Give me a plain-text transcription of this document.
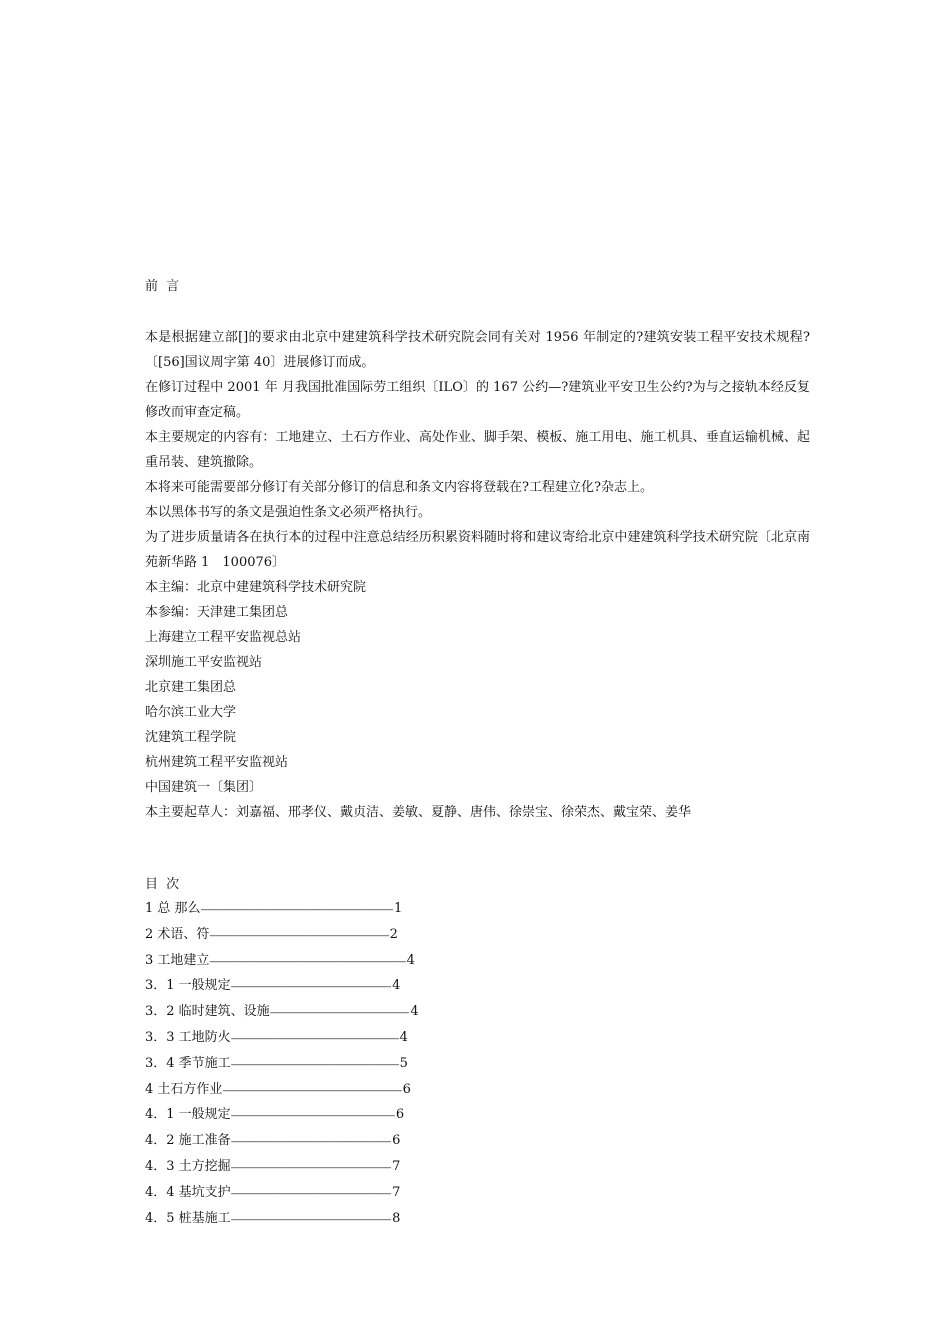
前 言

本是根据建立部[]的要求由北京中建建筑科学技术研究院会同有关对 1956 年制定的?建筑安装工程平安技术规程?〔[56]国议周字第 40〕进展修订而成。

在修订过程中 2001 年 月我国批准国际劳工组织〔ILO〕的 167 公约—?建筑业平安卫生公约?为与之接轨本经反复修改而审查定稿。

本主要规定的内容有：工地建立、土石方作业、高处作业、脚手架、模板、施工用电、施工机具、垂直运输机械、起重吊装、建筑撤除。

本将来可能需要部分修订有关部分修订的信息和条文内容将登载在?工程建立化?杂志上。

本以黑体书写的条文是强迫性条文必须严格执行。

为了进步质量请各在执行本的过程中注意总结经历积累资料随时将和建议寄给北京中建建筑科学技术研究院〔北京南苑新华路 1　100076〕

本主编：北京中建建筑科学技术研究院

本参编：天津建工集团总

上海建立工程平安监视总站

深圳施工平安监视站

北京建工集团总

哈尔滨工业大学

沈建筑工程学院

杭州建筑工程平安监视站

中国建筑一〔集团〕

本主要起草人：刘嘉福、邢孝仪、戴贞洁、姜敏、夏静、唐伟、徐崇宝、徐荣杰、戴宝荣、姜华

目 次

1 总 那么 ------------------------------------------------------------------------------------------------------ 1
2 术语、符 ----------------------------------------------------------------------------------------------- 2
3 工地建立 -------------------------------------------------------------------------------------------------------- 4
3．1 一般规定 ------------------------------------------------------------------------------------- 4
3．2 临时建筑、设施 -------------------------------------------------------------------------- 4
3．3 工地防火 ----------------------------------------------------------------------------------------- 4
3．4 季节施工 ----------------------------------------------------------------------------------------- 5
4 土石方作业 ----------------------------------------------------------------------------------------------- 6
4．1 一般规定 --------------------------------------------------------------------------------------- 6
4．2 施工准备 ------------------------------------------------------------------------------------- 6
4．3 土方挖掘 ------------------------------------------------------------------------------------- 7
4．4 基坑支护 ------------------------------------------------------------------------------------- 7
4．5 桩基施工 ------------------------------------------------------------------------------------- 8
